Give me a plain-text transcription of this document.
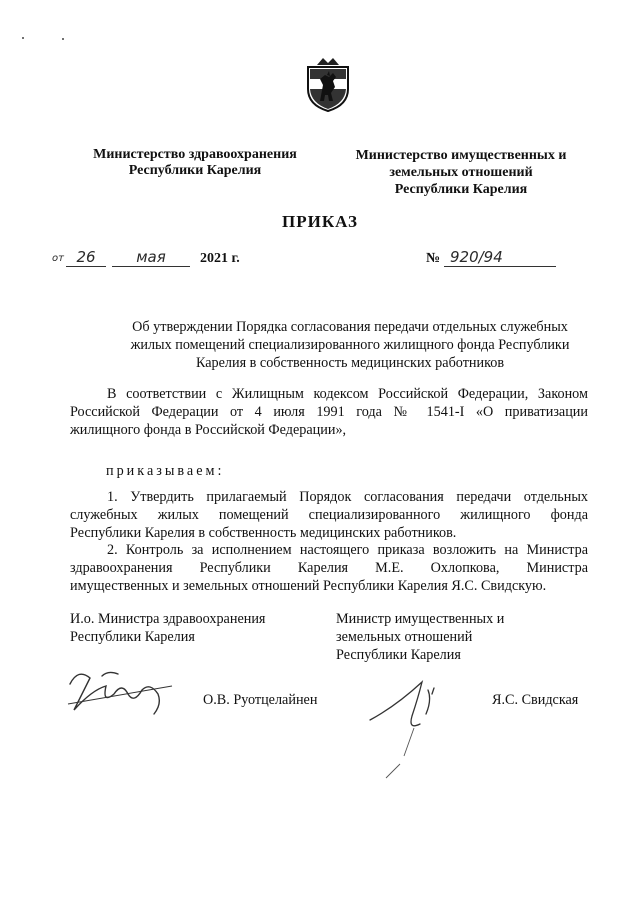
Министерство здравоохранения
Республики Карелия
Министерство имущественных и
земельных отношений
Республики Карелия
ПРИКАЗ
от 26	мая	2021 г.	№ 920/94
Об утверждении Порядка согласования передачи отдельных служебных
жилых помещений специализированного жилищного фонда Республики
Карелия в собственность медицинских работников
В соответствии с Жилищным кодексом Российской Федерации, Законом
Российской Федерации от 4 июля 1991 года № 1541-I «О приватизации
жилищного фонда в Российской Федерации»,
приказываем:
1. Утвердить прилагаемый Порядок согласования передачи отдельных
служебных жилых помещений специализированного жилищного фонда
Республики Карелия в собственность медицинских работников.
2. Контроль за исполнением настоящего приказа возложить на Министра
здравоохранения Республики Карелия М.Е. Охлопкова, Министра
имущественных и земельных отношений Республики Карелия Я.С. Свидскую.
И.о. Министра здравоохранения
Республики Карелия
Министр имущественных и
земельных отношений
Республики Карелия
О.В. Руотцелайнен	Я.С. Свидская
